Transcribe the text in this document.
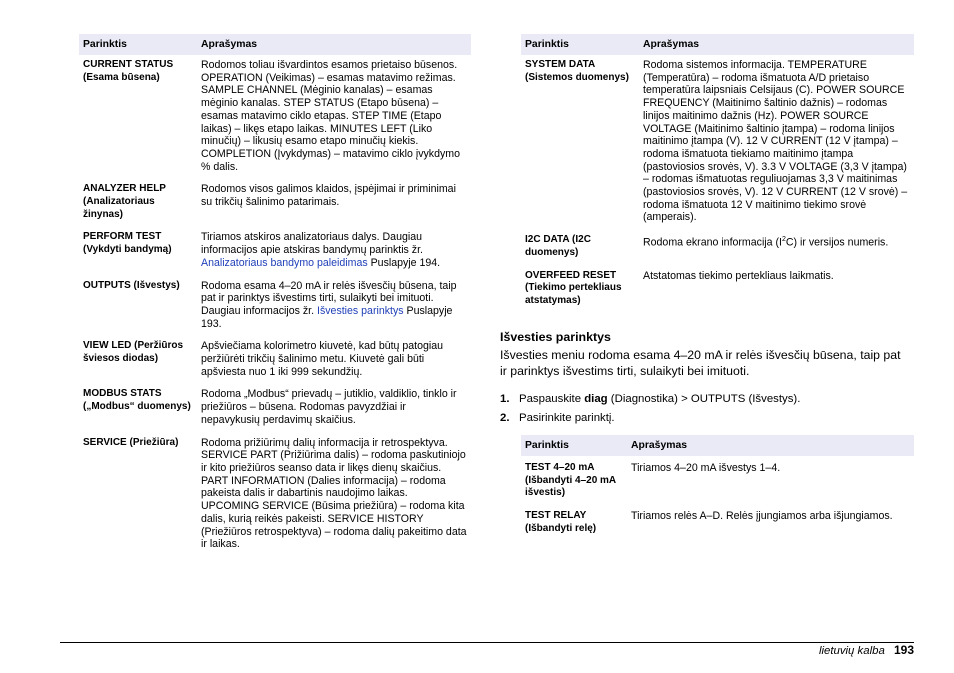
Parinktis	Aprašymas

CURRENT STATUS (Esama būsena)	Rodomos toliau išvardintos esamos prietaiso būsenos. OPERATION (Veikimas) – esamas matavimo režimas. SAMPLE CHANNEL (Mėginio kanalas) – esamas mėginio kanalas. STEP STATUS (Etapo būsena) – esamas matavimo ciklo etapas. STEP TIME (Etapo laikas) – likęs etapo laikas. MINUTES LEFT (Liko minučių) – likusių esamo etapo minučių kiekis. COMPLETION (Įvykdymas) – matavimo ciklo įvykdymo % dalis.

ANALYZER HELP (Analizatoriaus žinynas)	Rodomos visos galimos klaidos, įspėjimai ir priminimai su trikčių šalinimo patarimais.

PERFORM TEST (Vykdyti bandymą)	Tiriamos atskiros analizatoriaus dalys. Daugiau informacijos apie atskiras bandymų parinktis žr. Analizatoriaus bandymo paleidimas Puslapyje 194.

OUTPUTS (Išvestys)	Rodoma esama 4–20 mA ir relės išvesčių būsena, taip pat ir parinktys išvestims tirti, sulaikyti bei imituoti. Daugiau informacijos žr. Išvesties parinktys Puslapyje 193.

VIEW LED (Peržiūros šviesos diodas)	Apšviečiama kolorimetro kiuvetė, kad būtų patogiau peržiūrėti trikčių šalinimo metu. Kiuvetė gali būti apšviesta nuo 1 iki 999 sekundžių.

MODBUS STATS („Modbus“ duomenys)	Rodoma „Modbus“ prievadų – jutiklio, valdiklio, tinklo ir priežiūros – būsena. Rodomas pavyzdžiai ir nepavykusių perdavimų skaičius.

SERVICE (Priežiūra)	Rodoma prižiūrimų dalių informacija ir retrospektyva. SERVICE PART (Prižiūrima dalis) – rodoma paskutiniojo ir kito priežiūros seanso data ir likęs dienų skaičius. PART INFORMATION (Dalies informacija) – rodoma pakeista dalis ir dabartinis naudojimo laikas. UPCOMING SERVICE (Būsima priežiūra) – rodoma kita dalis, kurią reikės pakeisti. SERVICE HISTORY (Priežiūros retrospektyva) – rodoma dalių pakeitimo data ir laikas.
Parinktis	Aprašymas

SYSTEM DATA (Sistemos duomenys)	Rodoma sistemos informacija. TEMPERATURE (Temperatūra) – rodoma išmatuota A/D prietaiso temperatūra laipsniais Celsijaus (C). POWER SOURCE FREQUENCY (Maitinimo šaltinio dažnis) – rodomas linijos maitinimo dažnis (Hz). POWER SOURCE VOLTAGE (Maitinimo šaltinio įtampa) – rodoma linijos maitinimo įtampa (V). 12 V CURRENT (12 V įtampa) – rodoma išmatuota tiekiamo maitinimo įtampa (pastoviosios srovės, V). 3.3 V VOLTAGE (3,3 V įtampa) – rodomas išmatuotas reguliuojamas 3,3 V maitinimas (pastoviosios srovės, V). 12 V CURRENT (12 V srovė) – rodoma išmatuota 12 V maitinimo tiekimo srovė (amperais).

I2C DATA (I2C duomenys)	Rodoma ekrano informacija $(I^2C)$ ir versijos numeris.

OVERFEED RESET (Tiekimo pertekliaus atstatymas)	Atstatomas tiekimo pertekliaus laikmatis.
Išvesties parinktys

Išvesties meniu rodoma esama 4–20 mA ir relės išvesčių būsena, taip pat ir parinktys išvestims tirti, sulaikyti bei imituoti.

1. Paspauskite diag (Diagnostika) > OUTPUTS (Išvestys).
2. Pasirinkite parinktį.
Parinktis	Aprašymas

TEST 4–20 mA (Išbandyti 4–20 mA išvestis)	Tiriamos 4–20 mA išvestys 1–4.

TEST RELAY (Išbandyti relę)	Tiriamos relės A–D. Relės įjungiamos arba išjungiamos.
lietuvių kalba 193
